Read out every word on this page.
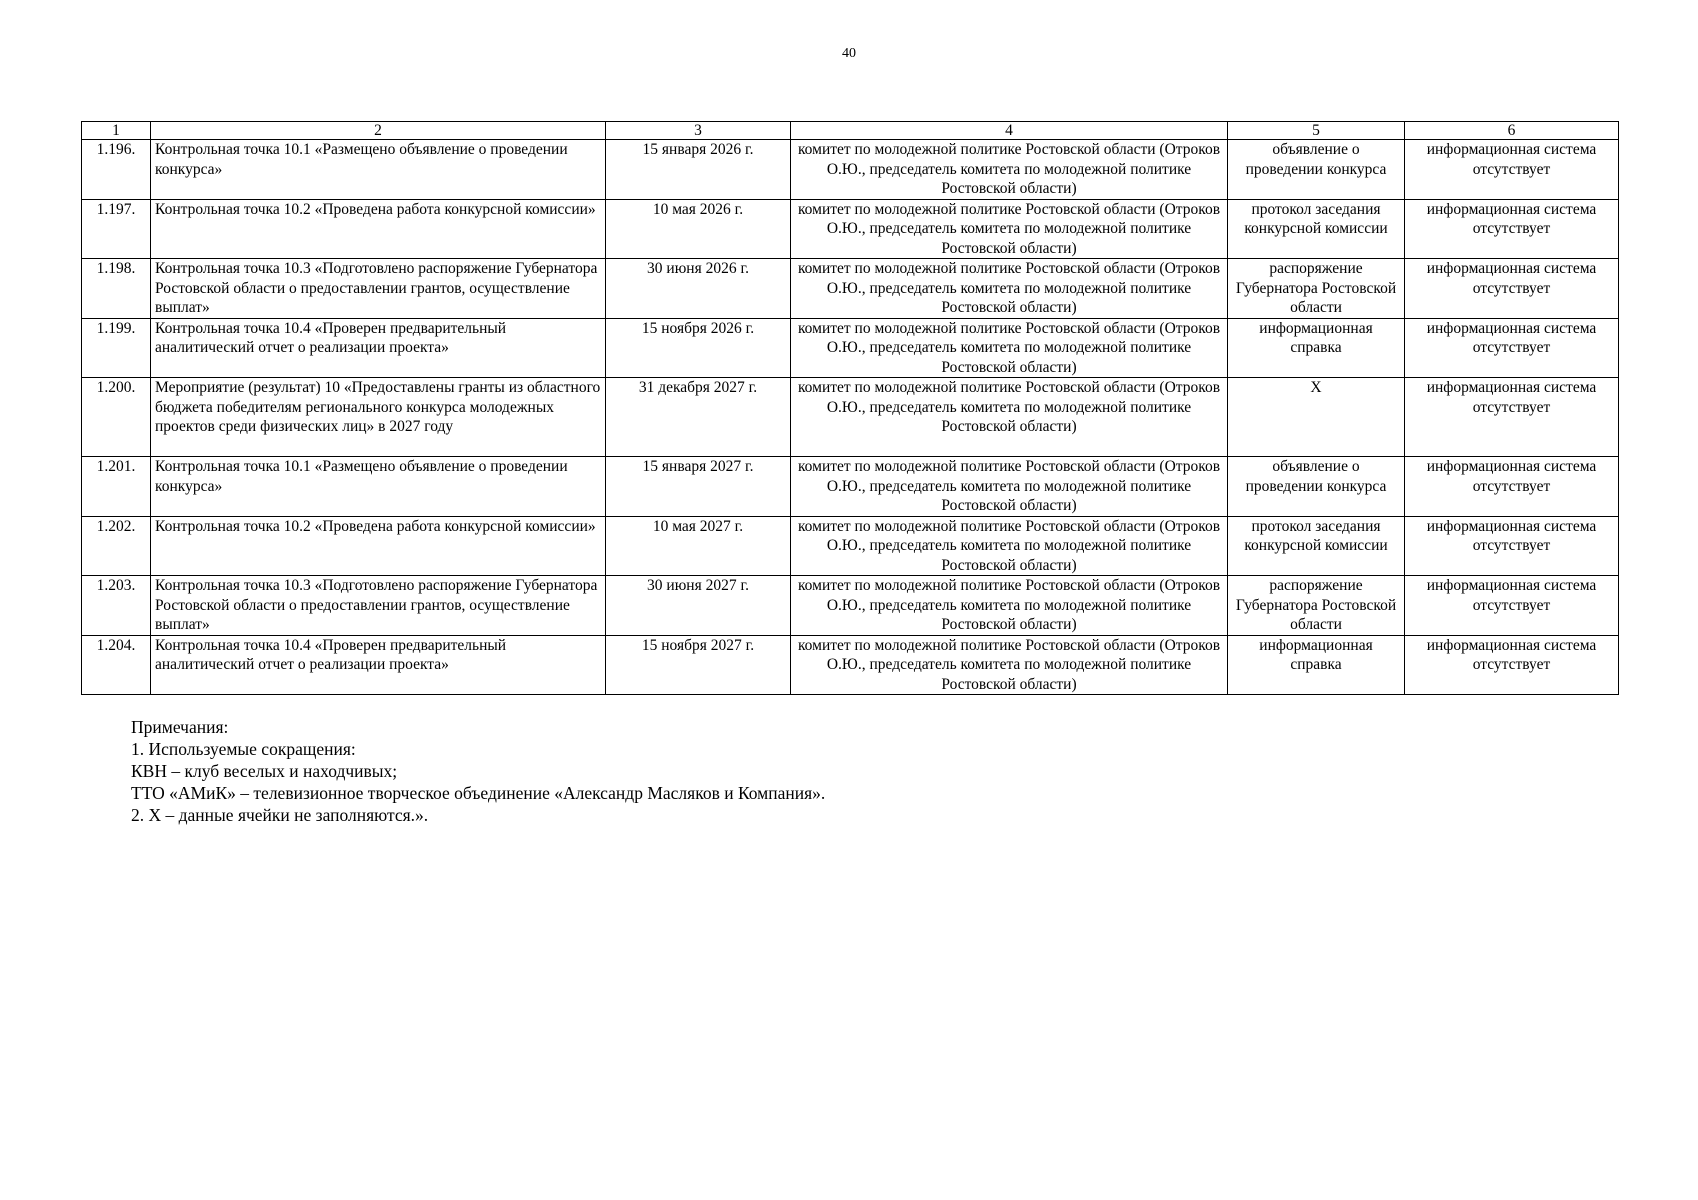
40
1	2	3	4	5	6
1.196.	Контрольная точка 10.1 «Размещено объявление о проведении конкурса»	15 января 2026 г.	комитет по молодежной политике Ростовской области (Отроков О.Ю., председатель комитета по молодежной политике Ростовской области)	объявление о проведении конкурса	информационная система отсутствует
1.197.	Контрольная точка 10.2 «Проведена работа конкурсной комиссии»	10 мая 2026 г.	комитет по молодежной политике Ростовской области (Отроков О.Ю., председатель комитета по молодежной политике Ростовской области)	протокол заседания конкурсной комиссии	информационная система отсутствует
1.198.	Контрольная точка 10.3 «Подготовлено распоряжение Губернатора Ростовской области о предоставлении грантов, осуществление выплат»	30 июня 2026 г.	комитет по молодежной политике Ростовской области (Отроков О.Ю., председатель комитета по молодежной политике Ростовской области)	распоряжение Губернатора Ростовской области	информационная система отсутствует
1.199.	Контрольная точка 10.4 «Проверен предварительный аналитический отчет о реализации проекта»	15 ноября 2026 г.	комитет по молодежной политике Ростовской области (Отроков О.Ю., председатель комитета по молодежной политике Ростовской области)	информационная справка	информационная система отсутствует
1.200.	Мероприятие (результат) 10 «Предоставлены гранты из областного бюджета победителям регионального конкурса молодежных проектов среди физических лиц» в 2027 году	31 декабря 2027 г.	комитет по молодежной политике Ростовской области (Отроков О.Ю., председатель комитета по молодежной политике Ростовской области)	Х	информационная система отсутствует
1.201.	Контрольная точка 10.1 «Размещено объявление о проведении конкурса»	15 января 2027 г.	комитет по молодежной политике Ростовской области (Отроков О.Ю., председатель комитета по молодежной политике Ростовской области)	объявление о проведении конкурса	информационная система отсутствует
1.202.	Контрольная точка 10.2 «Проведена работа конкурсной комиссии»	10 мая 2027 г.	комитет по молодежной политике Ростовской области (Отроков О.Ю., председатель комитета по молодежной политике Ростовской области)	протокол заседания конкурсной комиссии	информационная система отсутствует
1.203.	Контрольная точка 10.3 «Подготовлено распоряжение Губернатора Ростовской области о предоставлении грантов, осуществление выплат»	30 июня 2027 г.	комитет по молодежной политике Ростовской области (Отроков О.Ю., председатель комитета по молодежной политике Ростовской области)	распоряжение Губернатора Ростовской области	информационная система отсутствует
1.204.	Контрольная точка 10.4 «Проверен предварительный аналитический отчет о реализации проекта»	15 ноября 2027 г.	комитет по молодежной политике Ростовской области (Отроков О.Ю., председатель комитета по молодежной политике Ростовской области)	информационная справка	информационная система отсутствует
Примечания:
1. Используемые сокращения:
КВН – клуб веселых и находчивых;
ТТО «АМиК» – телевизионное творческое объединение «Александр Масляков и Компания».
2. Х – данные ячейки не заполняются.».
